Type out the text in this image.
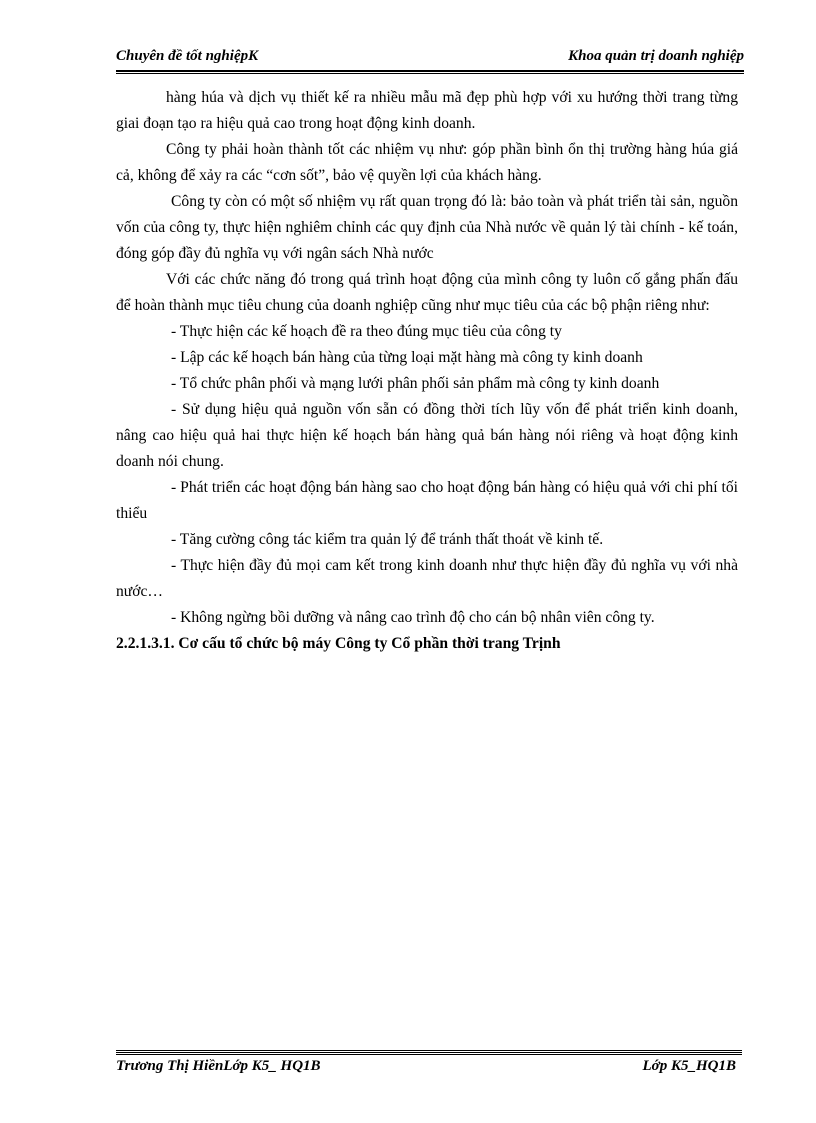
Chuyên đề tốt nghiệpK	Khoa quản trị doanh nghiệp

hàng húa và dịch vụ thiết kế ra nhiều mẫu mã đẹp phù hợp với xu hướng thời trang từng giai đoạn tạo ra hiệu quả cao trong hoạt động kinh doanh.

Công ty phải hoàn thành tốt các nhiệm vụ như: góp phần bình ổn thị trường hàng húa giá cả, không để xảy ra các “cơn sốt”, bảo vệ quyền lợi của khách hàng.

Công ty còn có một số nhiệm vụ rất quan trọng đó là: bảo toàn và phát triển tài sản, nguồn vốn của công ty, thực hiện nghiêm chỉnh các quy định của Nhà nước về quản lý tài chính - kế toán, đóng góp đầy đủ nghĩa vụ với ngân sách Nhà nước

Với các chức năng đó trong quá trình hoạt động của mình công ty luôn cố gắng phấn đấu để hoàn thành mục tiêu chung của doanh nghiệp cũng như mục tiêu của các bộ phận riêng như:

- Thực hiện các kế hoạch đề ra theo đúng mục tiêu của công ty

- Lập các kế hoạch bán hàng của từng loại mặt hàng mà công ty kinh doanh

- Tổ chức phân phối và mạng lưới phân phối sản phẩm mà công ty kinh doanh

- Sử dụng hiệu quả nguồn vốn sẵn có đồng thời tích lũy vốn để phát triển kinh doanh, nâng cao hiệu quả hai thực hiện kế hoạch bán hàng quả bán hàng nói riêng và hoạt động kinh doanh nói chung.

- Phát triển các hoạt động bán hàng sao cho hoạt động bán hàng có hiệu quả với chi phí tối thiểu

- Tăng cường công tác kiểm tra quản lý để tránh thất thoát về kinh tế.

- Thực hiện đầy đủ mọi cam kết trong kinh doanh như thực hiện đầy đủ nghĩa vụ với nhà nước…

- Không ngừng bồi dưỡng và nâng cao trình độ cho cán bộ nhân viên công ty.

2.2.1.3.1. Cơ cấu tổ chức bộ máy Công ty Cổ phần thời trang Trịnh

Trương Thị HiềnLớp K5_ HQ1B	Lớp K5_HQ1B
